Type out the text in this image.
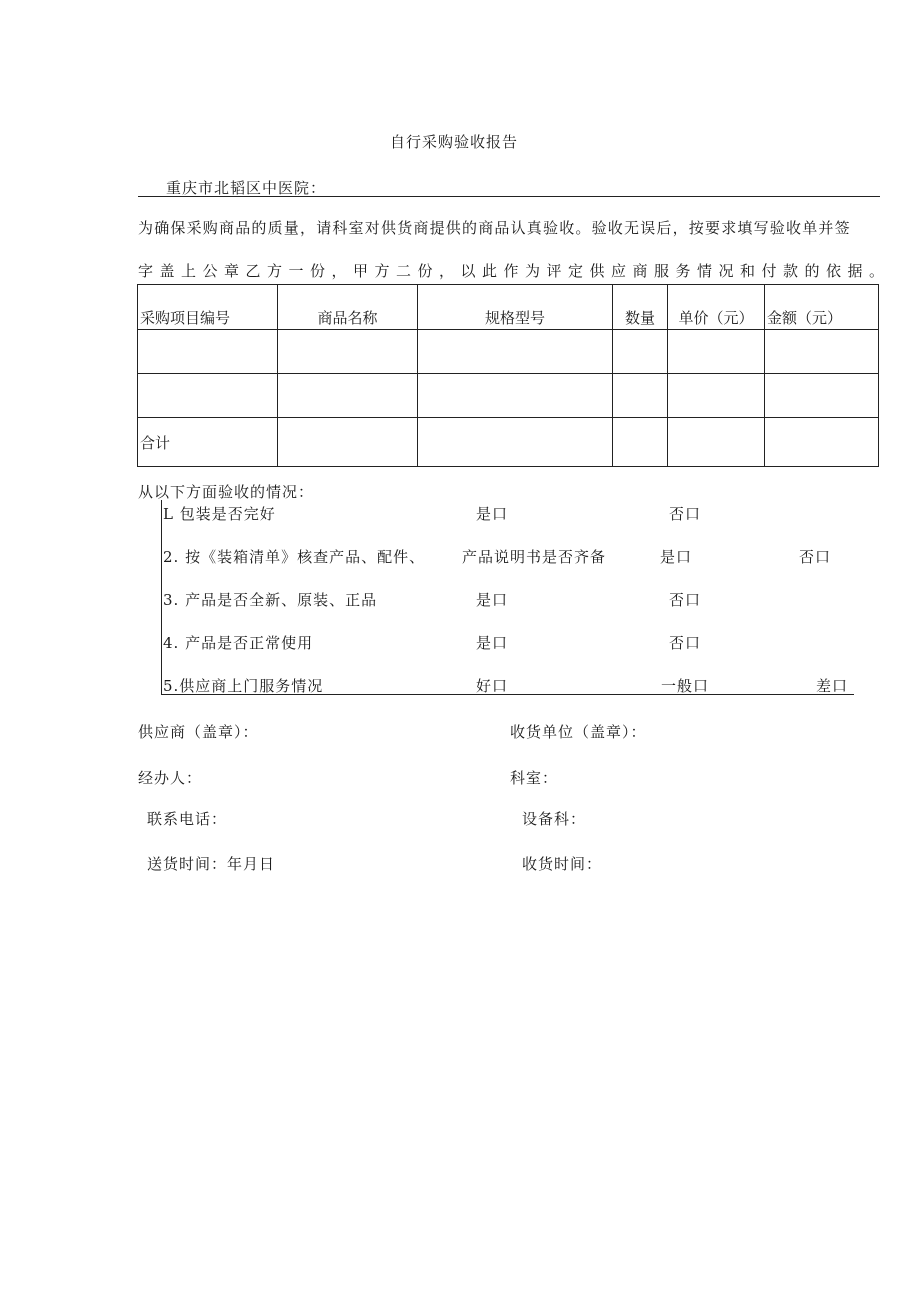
自行采购验收报告
重庆市北韬区中医院：
为确保采购商品的质量，请科室对供货商提供的商品认真验收。验收无误后，按要求填写验收单并签
字盖上公章乙方一份，甲方二份，以此作为评定供应商服务情况和付款的依据。
采购项目编号	商品名称	规格型号	数量	单价（元）	金额（元）

合计					
从以下方面验收的情况：
L 包装是否完好	是口	否口
2. 按《装箱清单》核查产品、配件、 产品说明书是否齐备	是口	否口
3. 产品是否全新、原装、正品	是口	否口
4. 产品是否正常使用	是口	否口
5.供应商上门服务情况	好口	一般口	差口
供应商（盖章）：	收货单位（盖章）：
经办人：	科室：
联系电话：	设备科：
送货时间：年月日	收货时间：
